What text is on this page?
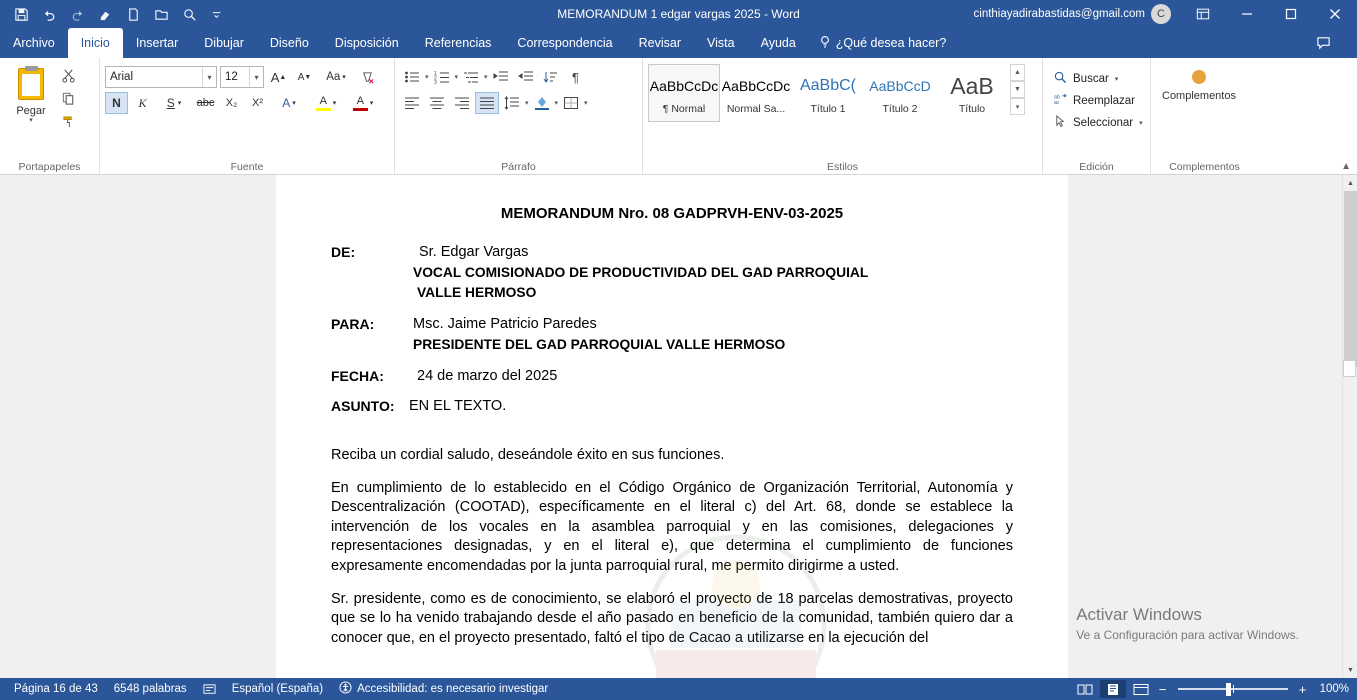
MEMORANDUM 1 edgar vargas 2025 - Word	cinthiayadirabastidas@gmail.com	C
Archivo	Inicio	Insertar	Dibujar	Diseño	Disposición	Referencias	Correspondencia	Revisar	Vista	Ayuda	¿Qué desea hacer?
Pegar
▾
Portapapeles
Arial	▾	12	▾ A ▲ A ▼ Aa ▾
N K S ▾ abc X₂ X² A ▾ A ▾ A ▾
Fuente
▾ 1
2
3
▾	▾	¶
▾	▾	▾
Párrafo
AaBbCcDc
¶ Normal
AaBbCcDc
Normal Sa...
AaBbC(
Título 1
AaBbCcD
Título 2
AaB
Título
▲
▼
▾
Estilos
Buscar ▾
ab
ac Reemplazar
Seleccionar ▾
Edición
Complementos
Complementos	▲
MEMORANDUM Nro. 08 GADPRVH-ENV-03-2025
DE:	Sr. Edgar Vargas
VOCAL COMISIONADO DE PRODUCTIVIDAD DEL GAD PARROQUIAL
VALLE HERMOSO
PARA:	Msc. Jaime Patricio Paredes
PRESIDENTE DEL GAD PARROQUIAL VALLE HERMOSO
FECHA:	24 de marzo del 2025
ASUNTO: EN EL TEXTO.
Reciba un cordial saludo, deseándole éxito en sus funciones.
En cumplimiento de lo establecido en el Código Orgánico de Organización Territorial, Autonomía y Descentralización (COOTAD), específicamente en el literal c) del Art. 68, donde se establece la intervención de los vocales en la asamblea parroquial y en las comisiones, delegaciones y representaciones designadas, y en el literal e), que determina el cumplimiento de funciones expresamente encomendadas por la junta parroquial rural, me permito dirigirme a usted.
Sr. presidente, como es de conocimiento, se elaboró el proyecto de 18 parcelas demostrativas, proyecto que se lo ha venido trabajando desde el año pasado en beneficio de la comunidad, también quiero dar a conocer que, en el proyecto presentado, faltó el tipo de Cacao a utilizarse en la ejecución del
▲
▼
Activar Windows
Ve a Configuración para activar Windows.
Página 16 de 43	6548 palabras	Español (España)	Accesibilidad: es necesario investigar	−	+	100%
